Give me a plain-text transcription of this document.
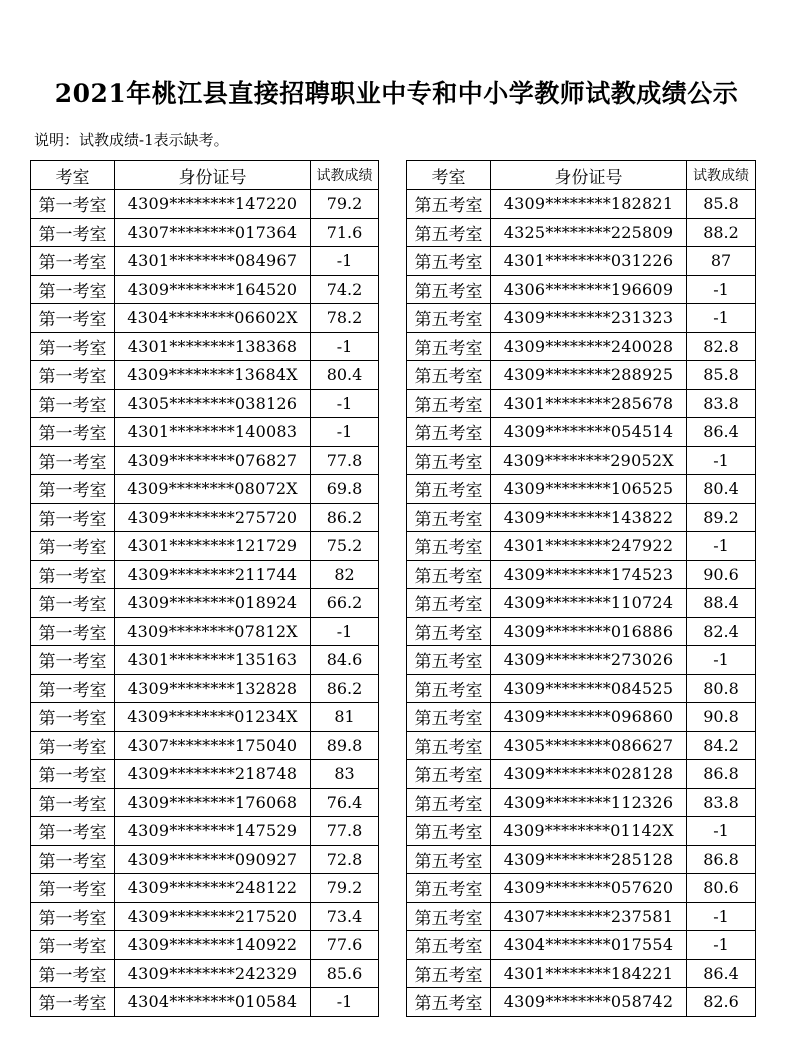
2021年桃江县直接招聘职业中专和中小学教师试教成绩公示
说明：试教成绩-1表示缺考。
考室	身份证号	试教成绩
第一考室	4309********147220	79.2
第一考室	4307********017364	71.6
第一考室	4301********084967	-1
第一考室	4309********164520	74.2
第一考室	4304********06602X	78.2
第一考室	4301********138368	-1
第一考室	4309********13684X	80.4
第一考室	4305********038126	-1
第一考室	4301********140083	-1
第一考室	4309********076827	77.8
第一考室	4309********08072X	69.8
第一考室	4309********275720	86.2
第一考室	4301********121729	75.2
第一考室	4309********211744	82
第一考室	4309********018924	66.2
第一考室	4309********07812X	-1
第一考室	4301********135163	84.6
第一考室	4309********132828	86.2
第一考室	4309********01234X	81
第一考室	4307********175040	89.8
第一考室	4309********218748	83
第一考室	4309********176068	76.4
第一考室	4309********147529	77.8
第一考室	4309********090927	72.8
第一考室	4309********248122	79.2
第一考室	4309********217520	73.4
第一考室	4309********140922	77.6
第一考室	4309********242329	85.6
第一考室	4304********010584	-1
考室	身份证号	试教成绩
第五考室	4309********182821	85.8
第五考室	4325********225809	88.2
第五考室	4301********031226	87
第五考室	4306********196609	-1
第五考室	4309********231323	-1
第五考室	4309********240028	82.8
第五考室	4309********288925	85.8
第五考室	4301********285678	83.8
第五考室	4309********054514	86.4
第五考室	4309********29052X	-1
第五考室	4309********106525	80.4
第五考室	4309********143822	89.2
第五考室	4301********247922	-1
第五考室	4309********174523	90.6
第五考室	4309********110724	88.4
第五考室	4309********016886	82.4
第五考室	4309********273026	-1
第五考室	4309********084525	80.8
第五考室	4309********096860	90.8
第五考室	4305********086627	84.2
第五考室	4309********028128	86.8
第五考室	4309********112326	83.8
第五考室	4309********01142X	-1
第五考室	4309********285128	86.8
第五考室	4309********057620	80.6
第五考室	4307********237581	-1
第五考室	4304********017554	-1
第五考室	4301********184221	86.4
第五考室	4309********058742	82.6
